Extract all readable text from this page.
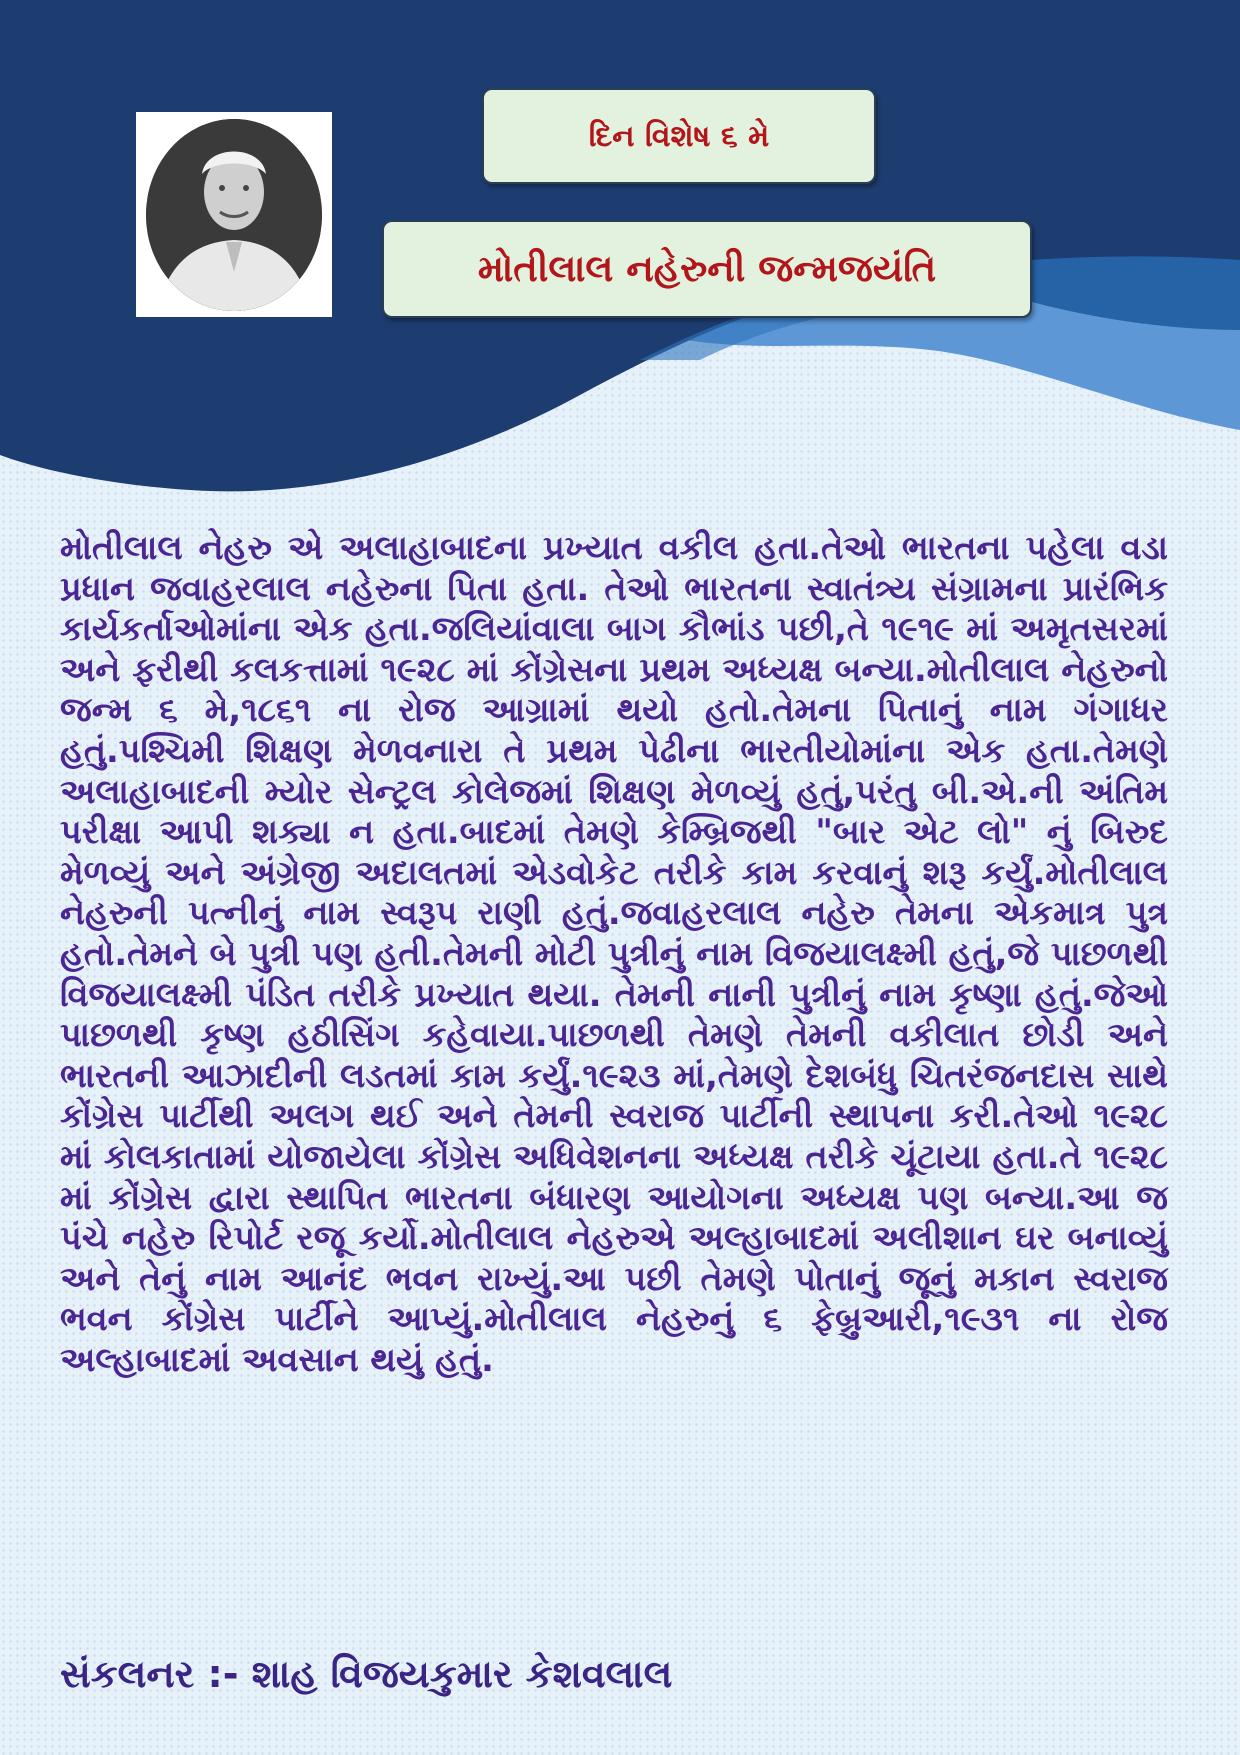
દિન વિશેષ ૬ મે
મોતીલાલ નહેરુની જન્મજયંતિ

મોતીલાલ નેહરુ એ અલાહાબાદના પ્રખ્યાત વકીલ હતા.તેઓ ભારતના પહેલા વડા પ્રધાન જવાહરલાલ નહેરુના પિતા હતા. તેઓ ભારતના સ્વાતંત્ર્ય સંગ્રામના પ્રારંભિક કાર્યકર્તાઓમાંના એક હતા.જલિયાંવાલા બાગ કૌભાંડ પછી,તે ૧૯૧૯ માં અમૃતસરમાં અને ફરીથી કલકત્તામાં ૧૯૨૮ માં કોંગ્રેસના પ્રથમ અધ્યક્ષ બન્યા.મોતીલાલ નેહરુનો જન્મ ૬ મે,૧૮૬૧ ના રોજ આગ્રામાં થયો હતો.તેમના પિતાનું નામ ગંગાધર હતું.પશ્ચિમી શિક્ષણ મેળવનારા તે પ્રથમ પેઢીના ભારતીયોમાંના એક હતા.તેમણે અલાહાબાદની મ્યોર સેન્ટ્રલ કોલેજમાં શિક્ષણ મેળવ્યું હતું,પરંતુ બી.એ.ની અંતિમ પરીક્ષા આપી શક્યા ન હતા.બાદમાં તેમણે કેમ્બ્રિજથી "બાર એટ લો" નું બિરુદ મેળવ્યું અને અંગ્રેજી અદાલતમાં એડવોકેટ તરીકે કામ કરવાનું શરૂ કર્યું.મોતીલાલ નેહરુની પત્નીનું નામ સ્વરૂપ રાણી હતું.જવાહરલાલ નહેરુ તેમના એકમાત્ર પુત્ર હતો.તેમને બે પુત્રી પણ હતી.તેમની મોટી પુત્રીનું નામ વિજયાલક્ષ્મી હતું,જે પાછળથી વિજયાલક્ષ્મી પંડિત તરીકે પ્રખ્યાત થયા. તેમની નાની પુત્રીનું નામ કૃષ્ણા હતું.જેઓ પાછળથી કૃષ્ણ હઠીસિંગ કહેવાયા.પાછળથી તેમણે તેમની વકીલાત છોડી અને ભારતની આઝાદીની લડતમાં કામ કર્યું.૧૯૨૩ માં,તેમણે દેશબંધુ ચિતરંજનદાસ સાથે કોંગ્રેસ પાર્ટીથી અલગ થઈ અને તેમની સ્વરાજ પાર્ટીની સ્થાપના કરી.તેઓ ૧૯૨૮ માં કોલકાતામાં યોજાયેલા કોંગ્રેસ અધિવેશનના અધ્યક્ષ તરીકે ચૂંટાયા હતા.તે ૧૯૨૮ માં કોંગ્રેસ દ્વારા સ્થાપિત ભારતના બંધારણ આયોગના અધ્યક્ષ પણ બન્યા.આ જ પંચે નહેરુ રિપોર્ટ રજૂ કર્યો.મોતીલાલ નેહરુએ અલ્હાબાદમાં અલીશાન ઘર બનાવ્યું અને તેનું નામ આનંદ ભવન રાખ્યું.આ પછી તેમણે પોતાનું જૂનું મકાન સ્વરાજ ભવન કોંગ્રેસ પાર્ટીને આપ્યું.મોતીલાલ નેહરુનું ૬ ફેબ્રુઆરી,૧૯૩૧ ના રોજ અલ્હાબાદમાં અવસાન થયું હતું.

સંકલનર :- શાહ વિજયકુમાર કેશવલાલ
